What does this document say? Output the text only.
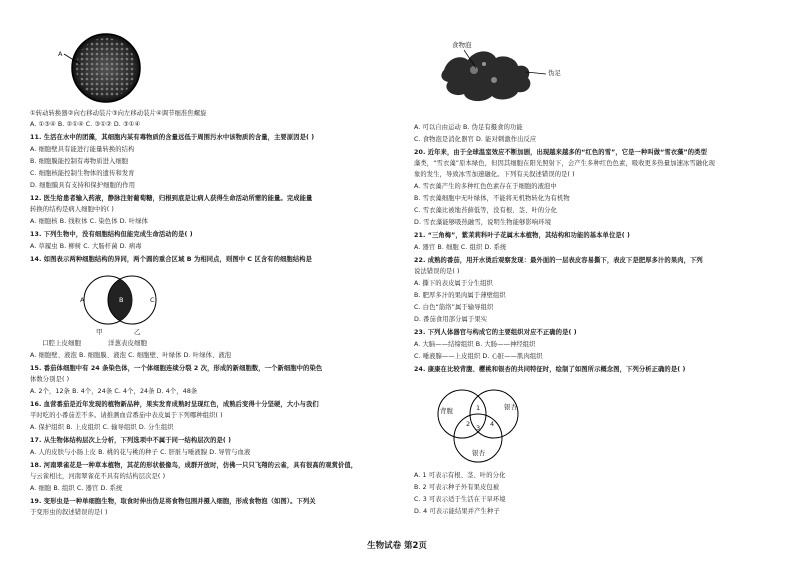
A
①转动转换器②向右移动装片③向左移动装片④调节细准焦螺旋
A. ①③④ B. ②①④ C. ③①② D. ③①④
11. 生活在水中的团藻，其细胞内某有毒物质的含量远低于周围污水中该物质的含量，主要原因是( )
A. 细胞壁具有能进行能量转换的结构
B. 细胞膜能控制有毒物质进入细胞
C. 细胞核能控制生物体的遗传和发育
D. 细胞膜具有支持和保护细胞的作用
12. 医生给患者输入药液，静脉注射葡萄糖，归根到底是让病人获得生命活动所需的能量。完成能量
转换的结构是病人细胞中的( )
A. 细胞核 B. 线粒体 C. 染色体 D. 叶绿体
13. 下列生物中，没有细胞结构但能完成生命活动的是( )
A. 草履虫 B. 柳树 C. 大肠杆菌 D. 病毒
14. 如图表示两种细胞结构的异同，两个圆的重合区域 B 为相同点，则图中 C 区含有的细胞结构是
A	B	C
甲	乙
口腔上皮细胞	洋葱表皮细胞
A. 细胞壁、液泡 B. 细胞膜、液泡 C. 细胞壁、叶绿体 D. 叶绿体、液泡
15. 番茄体细胞中有 24 条染色体，一个体细胞连续分裂 2 次，形成的新细胞数，一个新细胞中的染色
体数分别是( )
A. 2个，12条 B. 4个，24条 C. 4个，24条 D. 4个，48条
16. 血营番茄是近年发现的植物新品种，果实发育成熟时呈现红色，成熟后变得十分坚硬，大小与我们
平时吃的小番茄差不多。请推测血营番茄中表皮属于下列哪种组织( )
A. 保护组织 B. 上皮组织 C. 输导组织 D. 分生组织
17. 从生物体结构层次上分析，下列选项中不属于同一结构层次的是( )
A. 人的皮肤与小肠上皮 B. 桃的花与桃的种子 C. 肝脏与唾液腺 D. 导管与血液
18. 河南翠雀花是一种草本植物，其花的形状极像鸟，成群开放时，仿佛一只只飞翔的云雀，具有很高的观赏价值，
与云雀相比，河南翠雀花不具有的结构层次是( )
A. 细胞 B. 组织 C. 器官 D. 系统
19. 变形虫是一种单细胞生物，取食时伸出伪足将食物包围并摄入细胞，形成食物泡（如图）。下列关
于变形虫的叙述错误的是( )
食物泡
伪足
A. 可以自由运动 B. 伪足有摄食的功能
C. 食物泡是消化器官 D. 能对刺激作出反应
20. 近年来，由于全球温室效应不断加剧，出现越来越多的“红色的雪”，它是一种叫做“雪衣藻”的类型
藻类，“雪衣藻”原本绿色，但因其细胞在阳光照射下，会产生多种红色色素，吸收更多热量加速冰雪融化现
象的发生，导致冰雪加速融化。下列有关叙述错误的是( )
A. 雪衣藻产生的多种红色色素存在于细胞的液泡中
B. 雪衣藻细胞中无叶绿体，不能将无机物转化为有机物
C. 雪衣藻比被地苔藓低等，没有根、茎、叶的分化
D. 雪衣藻能够吸热融雪，说明生物能够影响环境
21. “三角梅”，紫茉莉科叶子花属木本植物，其结构和功能的基本单位是( )
A. 器官 B. 细胞 C. 组织 D. 系统
22. 成熟的番茄，用开水烫后观察发现：最外面的一层表皮容易撕下，表皮下是肥厚多汁的果肉，下列
说法错误的是( )
A. 撕下的表皮属于分生组织
B. 肥厚多汁的果肉属于薄壁组织
C. 白色“筋络”属于输导组织
D. 番茄食用部分属于果实
23. 下列人体器官与构成它的主要组织对应不正确的是( )
A. 大脑——结缔组织 B. 大肠——神经组织
C. 唾液腺——上皮组织 D. 心脏——肌肉组织
24. 康康在比较背腹、樱桃和银杏的共同特征时，绘制了如图所示概念图，下列分析正确的是( )
背腹	银杏
银杏
1
2 3 4
A. 1 可表示有根、茎、叶的分化
B. 2 可表示种子外有果皮包被
C. 3 可表示适于生活在干旱环境
D. 4 可表示能结果并产生种子
生物试卷 第2页
